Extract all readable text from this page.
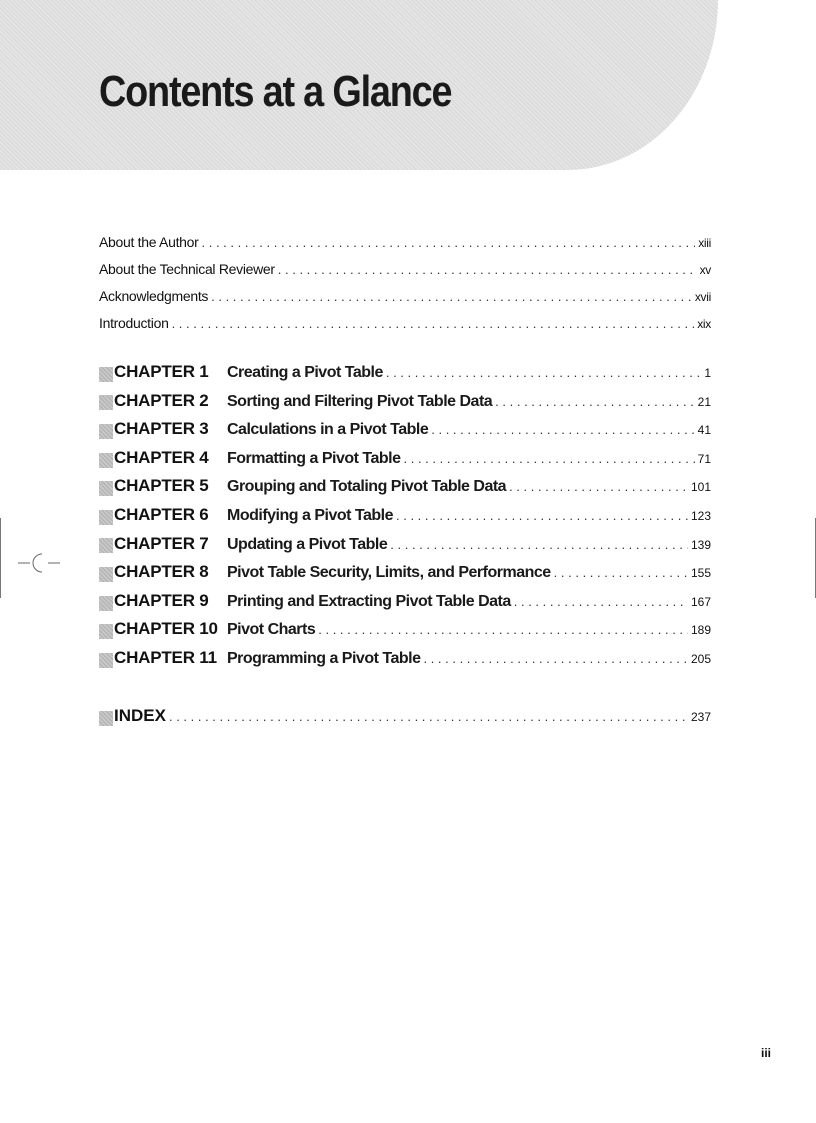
Contents at a Glance
About the Author . . .	xiii
About the Technical Reviewer . . .	xv
Acknowledgments . . .	xvii
Introduction . . .	xix
CHAPTER 1	Creating a Pivot Table . . .	1
CHAPTER 2	Sorting and Filtering Pivot Table Data . . .	21
CHAPTER 3	Calculations in a Pivot Table . . .	41
CHAPTER 4	Formatting a Pivot Table . . .	71
CHAPTER 5	Grouping and Totaling Pivot Table Data . . .	101
CHAPTER 6	Modifying a Pivot Table . . .	123
CHAPTER 7	Updating a Pivot Table . . .	139
CHAPTER 8	Pivot Table Security, Limits, and Performance . . .	155
CHAPTER 9	Printing and Extracting Pivot Table Data . . .	167
CHAPTER 10 Pivot Charts . . .	189
CHAPTER 11 Programming a Pivot Table . . .	205
INDEX . . .	237
iii
